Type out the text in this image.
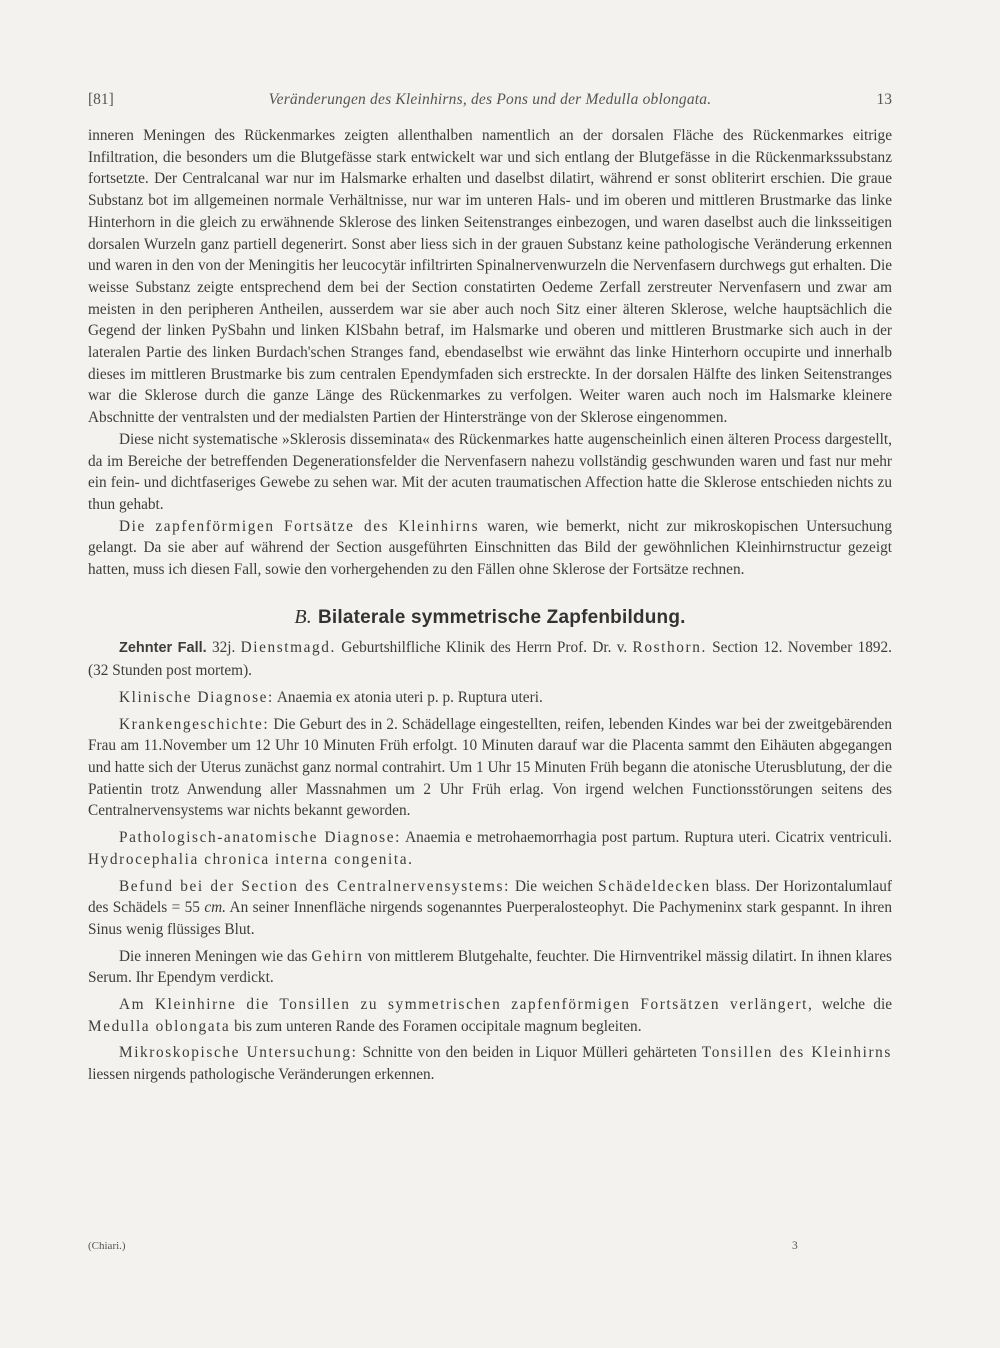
[81]	Veränderungen des Kleinhirns, des Pons und der Medulla oblongata.	13

inneren Meningen des Rückenmarkes zeigten allenthalben namentlich an der dorsalen Fläche des Rückenmarkes eitrige Infiltration, die besonders um die Blutgefässe stark entwickelt war und sich entlang der Blutgefässe in die Rückenmarkssubstanz fortsetzte. Der Centralcanal war nur im Halsmarke erhalten und daselbst dilatirt, während er sonst obliterirt erschien. Die graue Substanz bot im allgemeinen normale Verhältnisse, nur war im unteren Hals- und im oberen und mittleren Brustmarke das linke Hinterhorn in die gleich zu erwähnende Sklerose des linken Seitenstranges einbezogen, und waren daselbst auch die linksseitigen dorsalen Wurzeln ganz partiell degenerirt. Sonst aber liess sich in der grauen Substanz keine pathologische Veränderung erkennen und waren in den von der Meningitis her leucocytär infiltrirten Spinalnervenwurzeln die Nervenfasern durchwegs gut erhalten. Die weisse Substanz zeigte entsprechend dem bei der Section constatirten Oedeme Zerfall zerstreuter Nervenfasern und zwar am meisten in den peripheren Antheilen, ausserdem war sie aber auch noch Sitz einer älteren Sklerose, welche hauptsächlich die Gegend der linken PySbahn und linken KlSbahn betraf, im Halsmarke und oberen und mittleren Brustmarke sich auch in der lateralen Partie des linken Burdach'schen Stranges fand, ebendaselbst wie erwähnt das linke Hinterhorn occupirte und innerhalb dieses im mittleren Brustmarke bis zum centralen Ependymfaden sich erstreckte. In der dorsalen Hälfte des linken Seitenstranges war die Sklerose durch die ganze Länge des Rückenmarkes zu verfolgen. Weiter waren auch noch im Halsmarke kleinere Abschnitte der ventralsten und der medialsten Partien der Hinterstränge von der Sklerose eingenommen.

Diese nicht systematische »Sklerosis disseminata« des Rückenmarkes hatte augenscheinlich einen älteren Process dargestellt, da im Bereiche der betreffenden Degenerationsfelder die Nervenfasern nahezu vollständig geschwunden waren und fast nur mehr ein fein- und dichtfaseriges Gewebe zu sehen war. Mit der acuten traumatischen Affection hatte die Sklerose entschieden nichts zu thun gehabt.

Die zapfenförmigen Fortsätze des Kleinhirns waren, wie bemerkt, nicht zur mikroskopischen Untersuchung gelangt. Da sie aber auf während der Section ausgeführten Einschnitten das Bild der gewöhnlichen Kleinhirnstructur gezeigt hatten, muss ich diesen Fall, sowie den vorhergehenden zu den Fällen ohne Sklerose der Fortsätze rechnen.

B. Bilaterale symmetrische Zapfenbildung.

Zehnter Fall. 32j. Dienstmagd. Geburtshilfliche Klinik des Herrn Prof. Dr. v. Rosthorn. Section 12. November 1892. (32 Stunden post mortem).

Klinische Diagnose: Anaemia ex atonia uteri p. p. Ruptura uteri.

Krankengeschichte: Die Geburt des in 2. Schädellage eingestellten, reifen, lebenden Kindes war bei der zweitgebärenden Frau am 11.November um 12 Uhr 10 Minuten Früh erfolgt. 10 Minuten darauf war die Placenta sammt den Eihäuten abgegangen und hatte sich der Uterus zunächst ganz normal contrahirt. Um 1 Uhr 15 Minuten Früh begann die atonische Uterusblutung, der die Patientin trotz Anwendung aller Massnahmen um 2 Uhr Früh erlag. Von irgend welchen Functionsstörungen seitens des Centralnervensystems war nichts bekannt geworden.

Pathologisch-anatomische Diagnose: Anaemia e metrohaemorrhagia post partum. Ruptura uteri. Cicatrix ventriculi. Hydrocephalia chronica interna congenita.

Befund bei der Section des Centralnervensystems: Die weichen Schädeldecken blass. Der Horizontalumlauf des Schädels = 55 cm. An seiner Innenfläche nirgends sogenanntes Puerperalosteophyt. Die Pachymeninx stark gespannt. In ihren Sinus wenig flüssiges Blut.

Die inneren Meningen wie das Gehirn von mittlerem Blutgehalte, feuchter. Die Hirnventrikel mässig dilatirt. In ihnen klares Serum. Ihr Ependym verdickt.

Am Kleinhirne die Tonsillen zu symmetrischen zapfenförmigen Fortsätzen verlängert, welche die Medulla oblongata bis zum unteren Rande des Foramen occipitale magnum begleiten.

Mikroskopische Untersuchung: Schnitte von den beiden in Liquor Mülleri gehärteten Tonsillen des Kleinhirns liessen nirgends pathologische Veränderungen erkennen.

(Chiari.)	3
